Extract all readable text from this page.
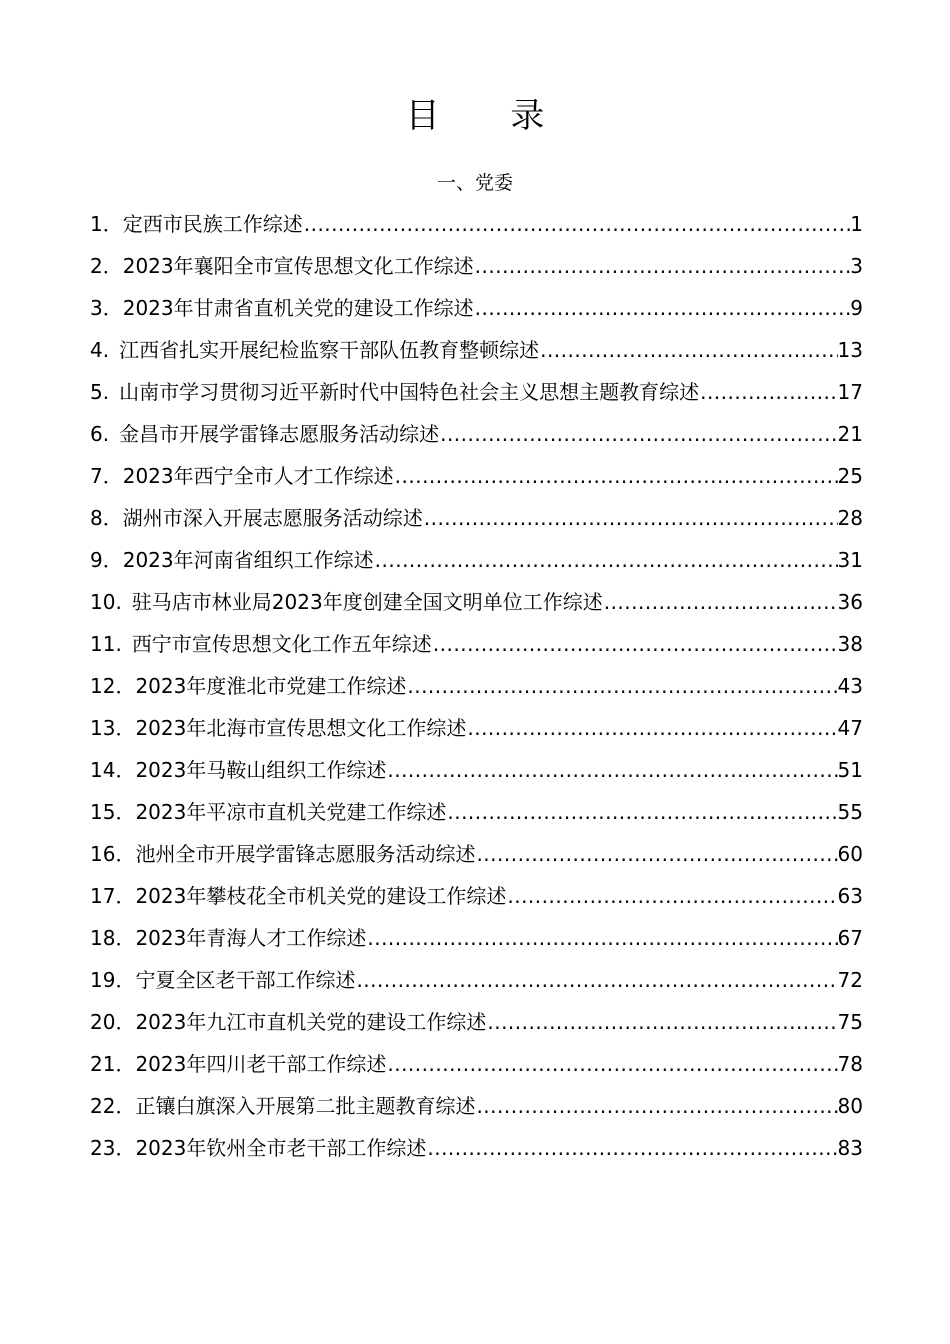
目 录
一、党委
1． 定西市民族工作综述 .....	1
2． 2023年襄阳全市宣传思想文化工作综述 .....	3
3． 2023年甘肃省直机关党的建设工作综述 .....	9
4. 江西省扎实开展纪检监察干部队伍教育整顿综述 .....	13
5. 山南市学习贯彻习近平新时代中国特色社会主义思想主题教育综述 .....	17
6. 金昌市开展学雷锋志愿服务活动综述 .....	21
7． 2023年西宁全市人才工作综述 .....	25
8． 湖州市深入开展志愿服务活动综述 .....	28
9． 2023年河南省组织工作综述 .....	31
10. 驻马店市林业局2023年度创建全国文明单位工作综述 .....	36
11. 西宁市宣传思想文化工作五年综述 .....	38
12． 2023年度淮北市党建工作综述 .....	43
13． 2023年北海市宣传思想文化工作综述 .....	47
14． 2023年马鞍山组织工作综述 .....	51
15． 2023年平凉市直机关党建工作综述 .....	55
16． 池州全市开展学雷锋志愿服务活动综述 .....	60
17． 2023年攀枝花全市机关党的建设工作综述 .....	63
18． 2023年青海人才工作综述 .....	67
19． 宁夏全区老干部工作综述 .....	72
20． 2023年九江市直机关党的建设工作综述 .....	75
21． 2023年四川老干部工作综述 .....	78
22． 正镶白旗深入开展第二批主题教育综述 .....	80
23． 2023年钦州全市老干部工作综述 .....	83
